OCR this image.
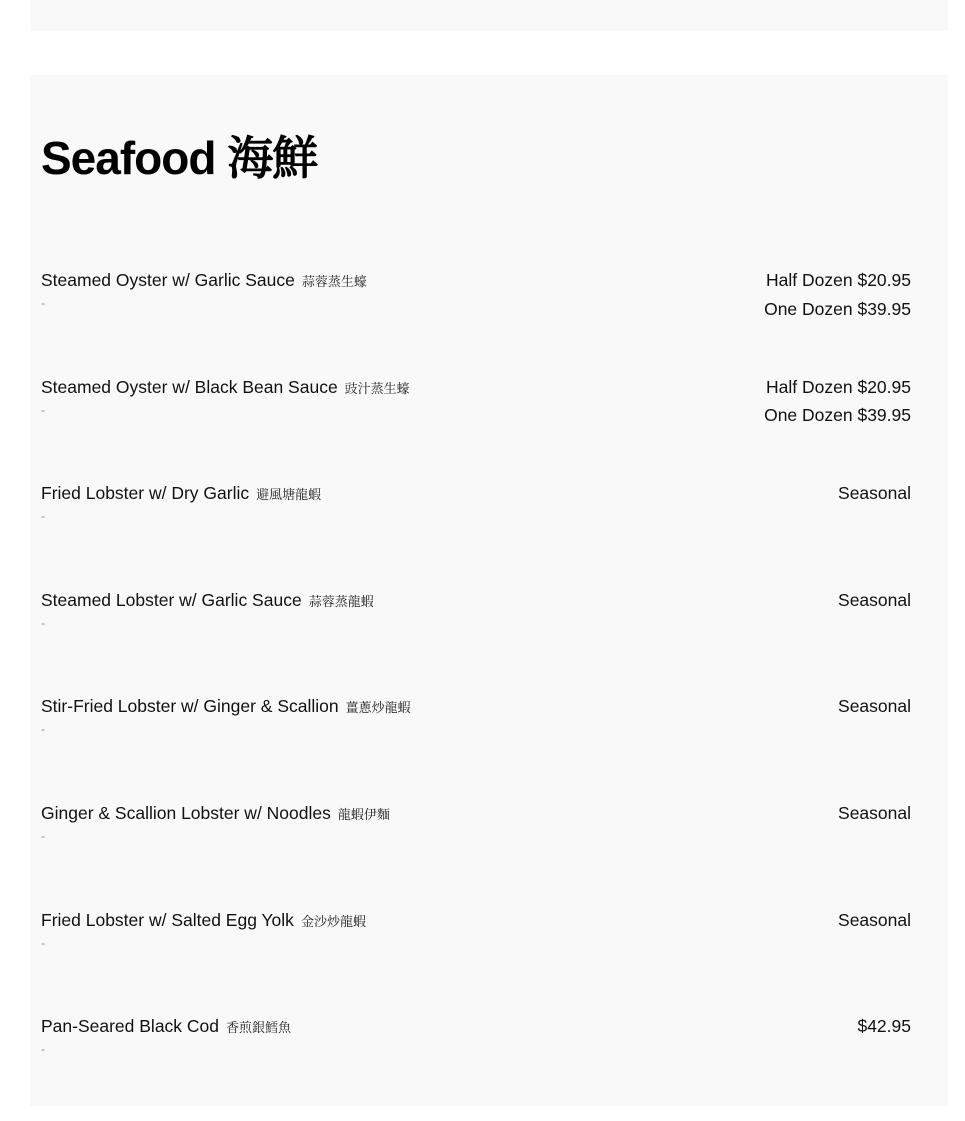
Seafood 海鮮
Steamed Oyster w/ Garlic Sauce 蒜蓉蒸生蠔
-
Half Dozen $20.95
One Dozen $39.95
Steamed Oyster w/ Black Bean Sauce 豉汁蒸生蠔
-
Half Dozen $20.95
One Dozen $39.95
Fried Lobster w/ Dry Garlic 避風塘龍蝦
-
Seasonal
Steamed Lobster w/ Garlic Sauce 蒜蓉蒸龍蝦
-
Seasonal
Stir-Fried Lobster w/ Ginger & Scallion 薑蔥炒龍蝦
-
Seasonal
Ginger & Scallion Lobster w/ Noodles 龍蝦伊麵
-
Seasonal
Fried Lobster w/ Salted Egg Yolk 金沙炒龍蝦
-
Seasonal
Pan-Seared Black Cod 香煎銀鱈魚
-
$42.95
